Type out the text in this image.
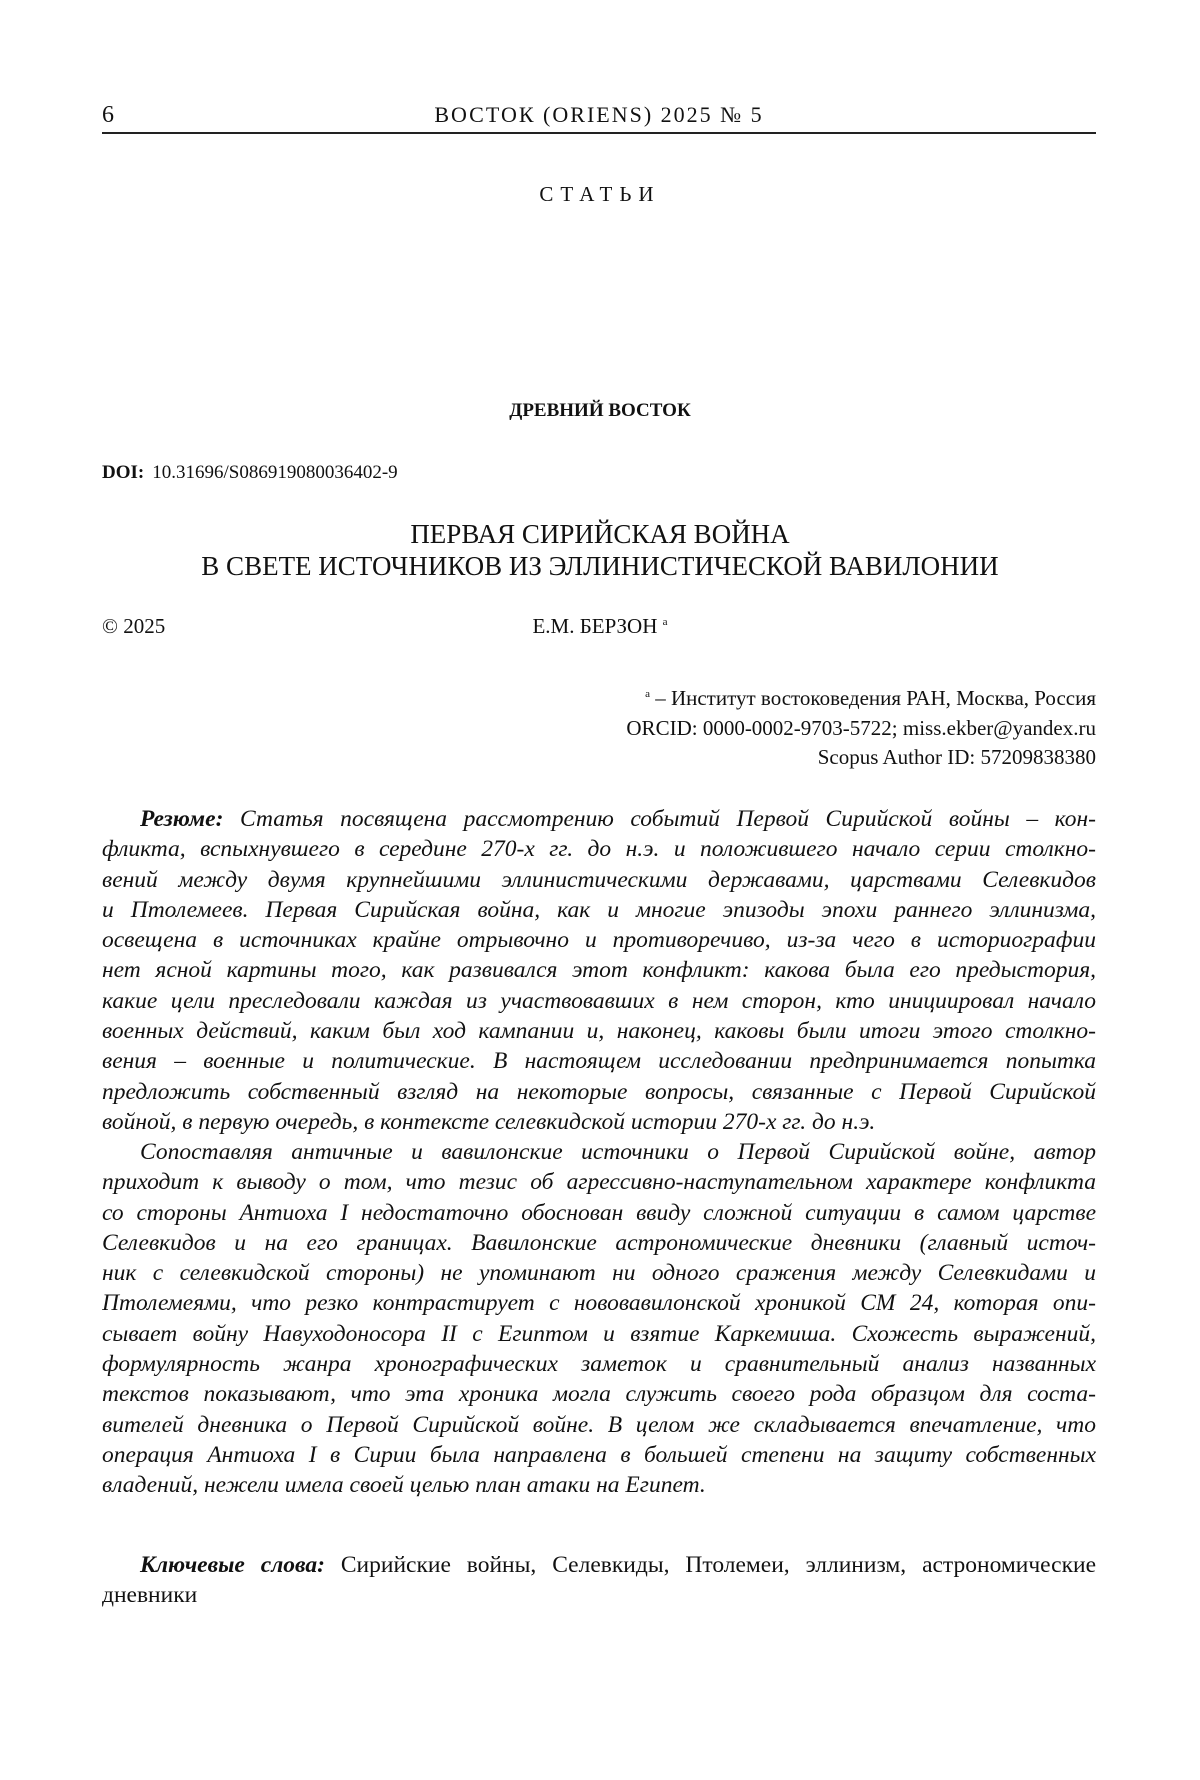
6	ВОСТОК (ORIENS) 2025 № 5
СТАТЬИ
ДРЕВНИЙ ВОСТОК
DOI: 10.31696/S086919080036402-9
ПЕРВАЯ СИРИЙСКАЯ ВОЙНА
В СВЕТЕ ИСТОЧНИКОВ ИЗ ЭЛЛИНИСТИЧЕСКОЙ ВАВИЛОНИИ
© 2025	Е.М. БЕРЗОН a
a – Институт востоковедения РАН, Москва, Россия
ORCID: 0000-0002-9703-5722; miss.ekber@yandex.ru
Scopus Author ID: 57209838380
Резюме: Статья посвящена рассмотрению событий Первой Сирийской войны – кон-
фликта, вспыхнувшего в середине 270-х гг. до н.э. и положившего начало серии столкно-
вений между двумя крупнейшими эллинистическими державами, царствами Селевкидов
и Птолемеев. Первая Сирийская война, как и многие эпизоды эпохи раннего эллинизма,
освещена в источниках крайне отрывочно и противоречиво, из-за чего в историографии
нет ясной картины того, как развивался этот конфликт: какова была его предыстория,
какие цели преследовали каждая из участвовавших в нем сторон, кто инициировал начало
военных действий, каким был ход кампании и, наконец, каковы были итоги этого столкно-
вения – военные и политические. В настоящем исследовании предпринимается попытка
предложить собственный взгляд на некоторые вопросы, связанные с Первой Сирийской
войной, в первую очередь, в контексте селевкидской истории 270-х гг. до н.э.
Сопоставляя античные и вавилонские источники о Первой Сирийской войне, автор
приходит к выводу о том, что тезис об агрессивно-наступательном характере конфликта
со стороны Антиоха I недостаточно обоснован ввиду сложной ситуации в самом царстве
Селевкидов и на его границах. Вавилонские астрономические дневники (главный источ-
ник с селевкидской стороны) не упоминают ни одного сражения между Селевкидами и
Птолемеями, что резко контрастирует с нововавилонской хроникой CM 24, которая опи-
сывает войну Навуходоносора II с Египтом и взятие Каркемиша. Схожесть выражений,
формулярность жанра хронографических заметок и сравнительный анализ названных
текстов показывают, что эта хроника могла служить своего рода образцом для соста-
вителей дневника о Первой Сирийской войне. В целом же складывается впечатление, что
операция Антиоха I в Сирии была направлена в большей степени на защиту собственных
владений, нежели имела своей целью план атаки на Египет.
Ключевые слова: Сирийские войны, Селевкиды, Птолемеи, эллинизм, астрономические
дневники
